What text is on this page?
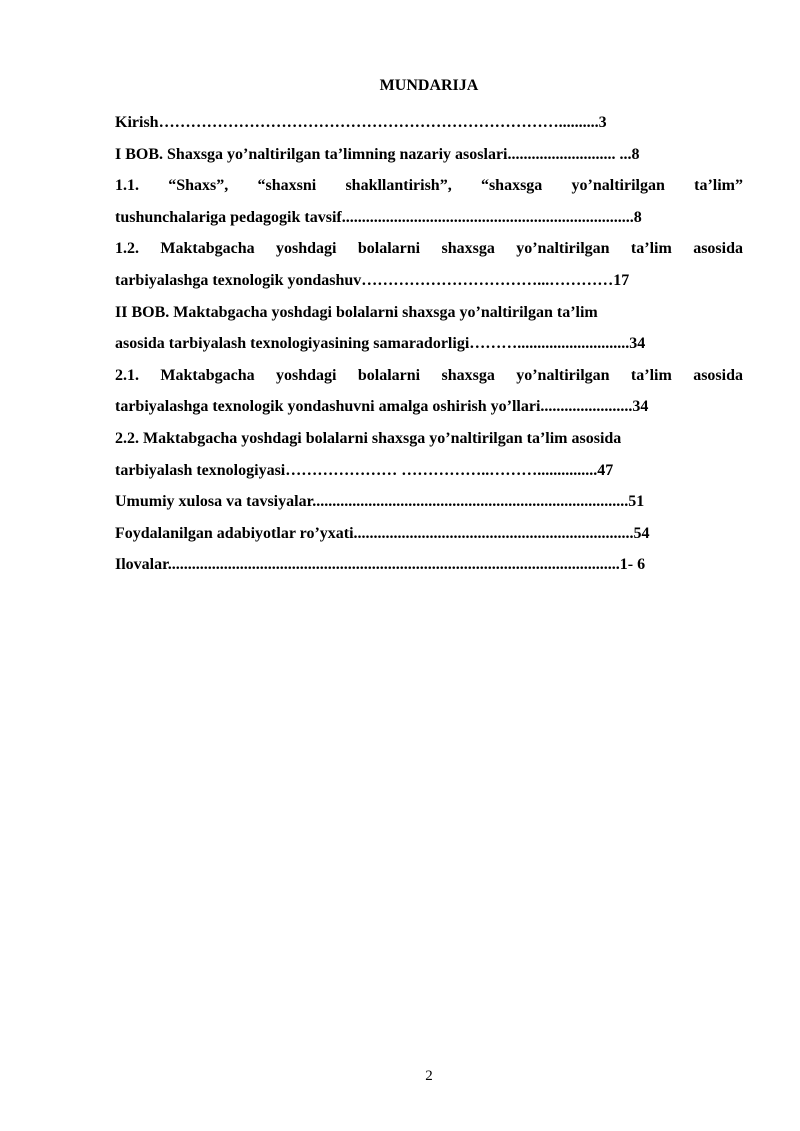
MUNDARIJA
Kirish…………………………………………………………………..........3
I BOB. Shaxsga yo’naltirilgan ta’limning nazariy asoslari........................... ...8
1.1. “Shaxs”, “shaxsni shakllantirish”, “shaxsga yo’naltirilgan ta’lim”
tushunchalariga pedagogik tavsif.........................................................................8
1.2. Maktabgacha yoshdagi bolalarni shaxsga yo’naltirilgan ta’lim asosida
tarbiyalashga texnologik yondashuv……………………………...…………17
II BOB. Maktabgacha yoshdagi bolalarni shaxsga yo’naltirilgan ta’lim
asosida tarbiyalash texnologiyasining samaradorligi………............................34
2.1. Maktabgacha yoshdagi bolalarni shaxsga yo’naltirilgan ta’lim asosida
tarbiyalashga texnologik yondashuvni amalga oshirish yo’llari.......................34
2.2. Maktabgacha yoshdagi bolalarni shaxsga yo’naltirilgan ta’lim asosida
tarbiyalash texnologiyasi………………… ……………..………...............47
Umumiy xulosa va tavsiyalar...............................................................................51
Foydalanilgan adabiyotlar ro’yxati......................................................................54
Ilovalar.................................................................................................................1- 6
2
